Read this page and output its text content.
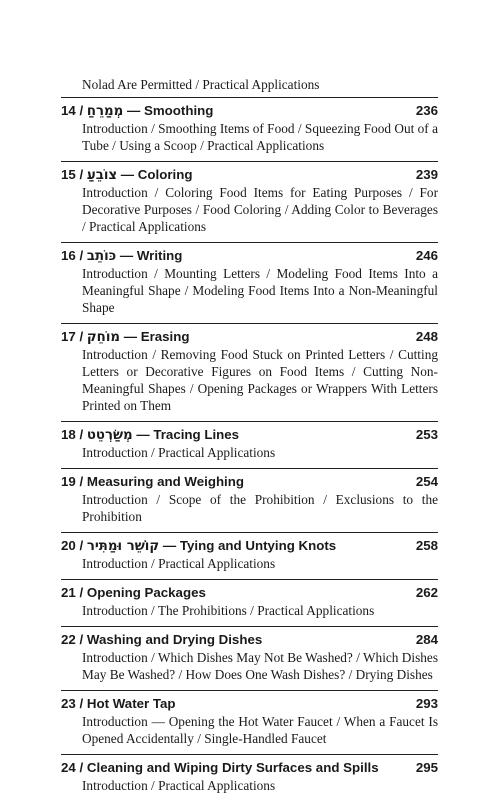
Nolad Are Permitted / Practical Applications
14 / מְמַרֵחַ — Smoothing	236
Introduction / Smoothing Items of Food / Squeezing Food Out of a Tube / Using a Scoop / Practical Applications
15 / צוֹבֵעַ — Coloring	239
Introduction / Coloring Food Items for Eating Purposes / For Decorative Purposes / Food Coloring / Adding Color to Beverages / Practical Applications
16 / כּוֹתֵב — Writing	246
Introduction / Mounting Letters / Modeling Food Items Into a Meaningful Shape / Modeling Food Items Into a Non-Meaningful Shape
17 / מוֹחֵק — Erasing	248
Introduction / Removing Food Stuck on Printed Letters / Cutting Letters or Decorative Figures on Food Items / Cutting Non-Meaningful Shapes / Opening Packages or Wrappers With Letters Printed on Them
18 / מְשַׂרְטֵט — Tracing Lines	253
Introduction / Practical Applications
19 / Measuring and Weighing	254
Introduction / Scope of the Prohibition / Exclusions to the Prohibition
20 / קוֹשֵׁר וּמַתִּיר — Tying and Untying Knots	258
Introduction / Practical Applications
21 / Opening Packages	262
Introduction / The Prohibitions / Practical Applications
22 / Washing and Drying Dishes	284
Introduction / Which Dishes May Not Be Washed? / Which Dishes May Be Washed? / How Does One Wash Dishes? / Drying Dishes
23 / Hot Water Tap	293
Introduction — Opening the Hot Water Faucet / When a Faucet Is Opened Accidentally / Single-Handled Faucet
24 / Cleaning and Wiping Dirty Surfaces and Spills	295
Introduction / Practical Applications
